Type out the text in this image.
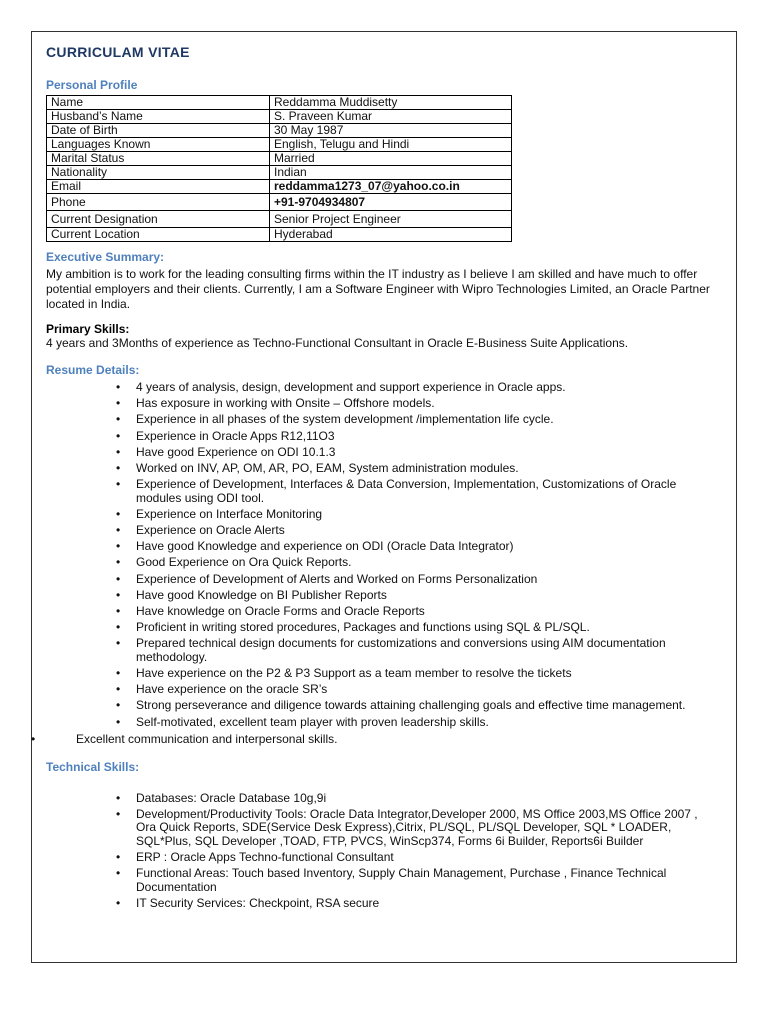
CURRICULAM VITAE
Personal Profile
Name	Reddamma Muddisetty
Husband’s Name	S. Praveen Kumar
Date of Birth	30 May 1987
Languages Known	English, Telugu and Hindi
Marital Status	Married
Nationality	Indian
Email	reddamma1273_07@yahoo.co.in
Phone	+91-9704934807
Current Designation	Senior Project Engineer
Current Location	Hyderabad
Executive Summary:

My ambition is to work for the leading consulting firms within the IT industry as I believe I am skilled and have much to offer potential employers and their clients. Currently, I am a Software Engineer with Wipro Technologies Limited, an Oracle Partner located in India.

Primary Skills:

4 years and 3Months of experience as Techno-Functional Consultant in Oracle E-Business Suite Applications.

Resume Details:
• 4 years of analysis, design, development and support experience in Oracle apps.
• Has exposure in working with Onsite – Offshore models.
• Experience in all phases of the system development /implementation life cycle.
• Experience in Oracle Apps R12,11O3
• Have good Experience on ODI 10.1.3
• Worked on INV, AP, OM, AR, PO, EAM, System administration modules.
• Experience of Development, Interfaces & Data Conversion, Implementation, Customizations of Oracle modules using ODI tool.
• Experience on Interface Monitoring
• Experience on Oracle Alerts
• Have good Knowledge and experience on ODI (Oracle Data Integrator)
• Good Experience on Ora Quick Reports.
• Experience of Development of Alerts and Worked on Forms Personalization
• Have good Knowledge on BI Publisher Reports
• Have knowledge on Oracle Forms and Oracle Reports
• Proficient in writing stored procedures, Packages and functions using SQL & PL/SQL.
• Prepared technical design documents for customizations and conversions using AIM documentation methodology.
• Have experience on the P2 & P3 Support as a team member to resolve the tickets
• Have experience on the oracle SR’s
• Strong perseverance and diligence towards attaining challenging goals and effective time management.
• Self-motivated, excellent team player with proven leadership skills.
•	Excellent communication and interpersonal skills.
Technical Skills:
• Databases: Oracle Database 10g,9i
• Development/Productivity Tools: Oracle Data Integrator,Developer 2000, MS Office 2003,MS Office 2007 , Ora Quick Reports, SDE(Service Desk Express),Citrix, PL/SQL, PL/SQL Developer, SQL * LOADER, SQL*Plus, SQL Developer ,TOAD, FTP, PVCS, WinScp374, Forms 6i Builder, Reports6i Builder
• ERP : Oracle Apps Techno-functional Consultant
• Functional Areas: Touch based Inventory, Supply Chain Management, Purchase , Finance Technical Documentation
• IT Security Services: Checkpoint, RSA secure
